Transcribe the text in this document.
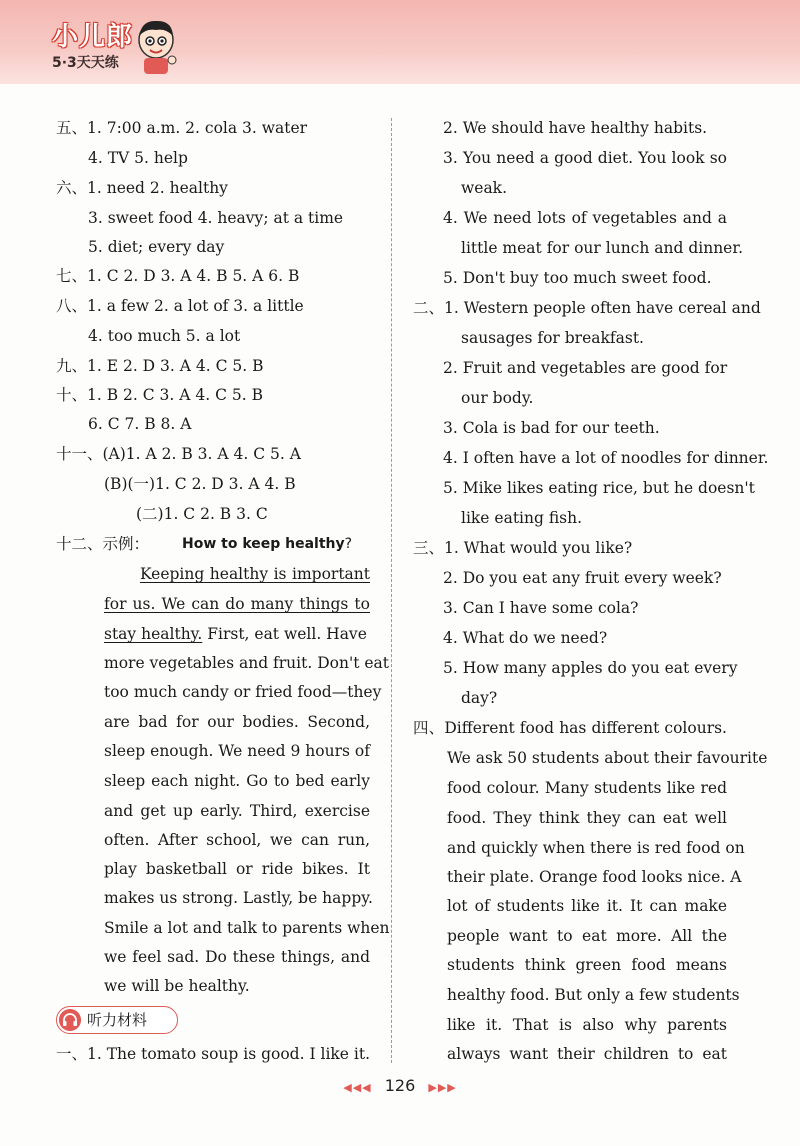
小儿郎
5·3天天练
五、1. 7:00 a.m. 2. cola 3. water
4. TV 5. help
六、1. need 2. healthy
3. sweet food 4. heavy; at a time
5. diet; every day
七、1. C 2. D 3. A 4. B 5. A 6. B
八、1. a few 2. a lot of 3. a little
4. too much 5. a lot
九、1. E 2. D 3. A 4. C 5. B
十、1. B 2. C 3. A 4. C 5. B
6. C 7. B 8. A
十一、(A)1. A 2. B 3. A 4. C 5. A
(B)(一)1. C 2. D 3. A 4. B
(二)1. C 2. B 3. C
十二、示例： How to keep healthy?
Keeping healthy is important
for us. We can do many things to
stay healthy. First, eat well. Have
more vegetables and fruit. Don't eat
too much candy or fried food—they
are bad for our bodies. Second,
sleep enough. We need 9 hours of
sleep each night. Go to bed early
and get up early. Third, exercise
often. After school, we can run,
play basketball or ride bikes. It
makes us strong. Lastly, be happy.
Smile a lot and talk to parents when
we feel sad. Do these things, and
we will be healthy.
听力材料
一、1. The tomato soup is good. I like it.
2. We should have healthy habits.
3. You need a good diet. You look so
weak.
4. We need lots of vegetables and a
little meat for our lunch and dinner.
5. Don't buy too much sweet food.
二、1. Western people often have cereal and
sausages for breakfast.
2. Fruit and vegetables are good for
our body.
3. Cola is bad for our teeth.
4. I often have a lot of noodles for dinner.
5. Mike likes eating rice, but he doesn't
like eating fish.
三、1. What would you like?
2. Do you eat any fruit every week?
3. Can I have some cola?
4. What do we need?
5. How many apples do you eat every
day?
四、Different food has different colours.
We ask 50 students about their favourite
food colour. Many students like red
food. They think they can eat well
and quickly when there is red food on
their plate. Orange food looks nice. A
lot of students like it. It can make
people want to eat more. All the
students think green food means
healthy food. But only a few students
like it. That is also why parents
always want their children to eat
◀◀◀ 126 ▶▶▶
